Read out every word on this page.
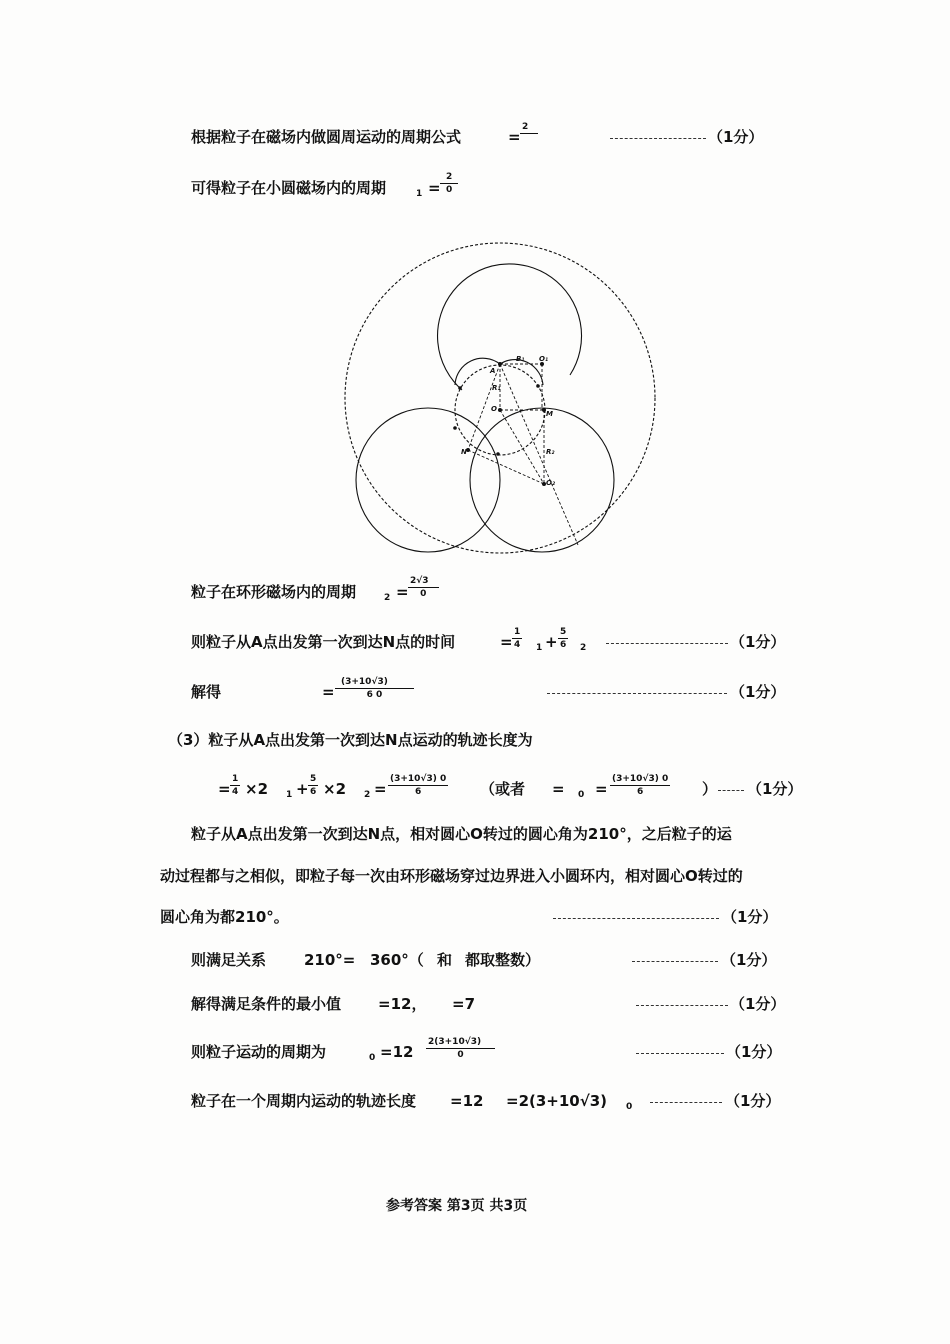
根据粒子在磁场内做圆周运动的周期公式	=
2

（1分）
可得粒子在小圆磁场内的周期	$1 = \frac{2}{0}$
A
B₁ O₁
O
M
N	R₂
O₂
R₁
粒子在环形磁场内的周期	$2 = \frac{2√3}{0}$
则粒子从A点出发第一次到达N点的时间	= $\frac{1}{4} 1 + \frac{5}{6} 2$	（1分）
解得	= $\frac{(3+10√3)}{6 0}$	（1分）
（3）粒子从A点出发第一次到达N点运动的轨迹长度为
= $\frac{1}{4} \times 2$ $1 + \frac{5}{6} \times 2$ $2 = \frac{(3+10√3) 0}{6}$ （或者 = $0 = \frac{(3+10√3) 0}{6}$ ） （1分）
粒子从A点出发第一次到达N点，相对圆心O转过的圆心角为210°，之后粒子的运
动过程都与之相似，即粒子每一次由环形磁场穿过边界进入小圆环内，相对圆心O转过的
圆心角为都210°。	（1分）
则满足关系	210°= 360°（ 和 都取整数）	（1分）
解得满足条件的最小值 =12， =7	（1分）
则粒子运动的周期为	$0 =12 \frac{2(3+10√3)}{0}$	（1分）
粒子在一个周期内运动的轨迹长度 =12 =2(3+10√3) 0	（1分）
参考答案 第3页 共3页
